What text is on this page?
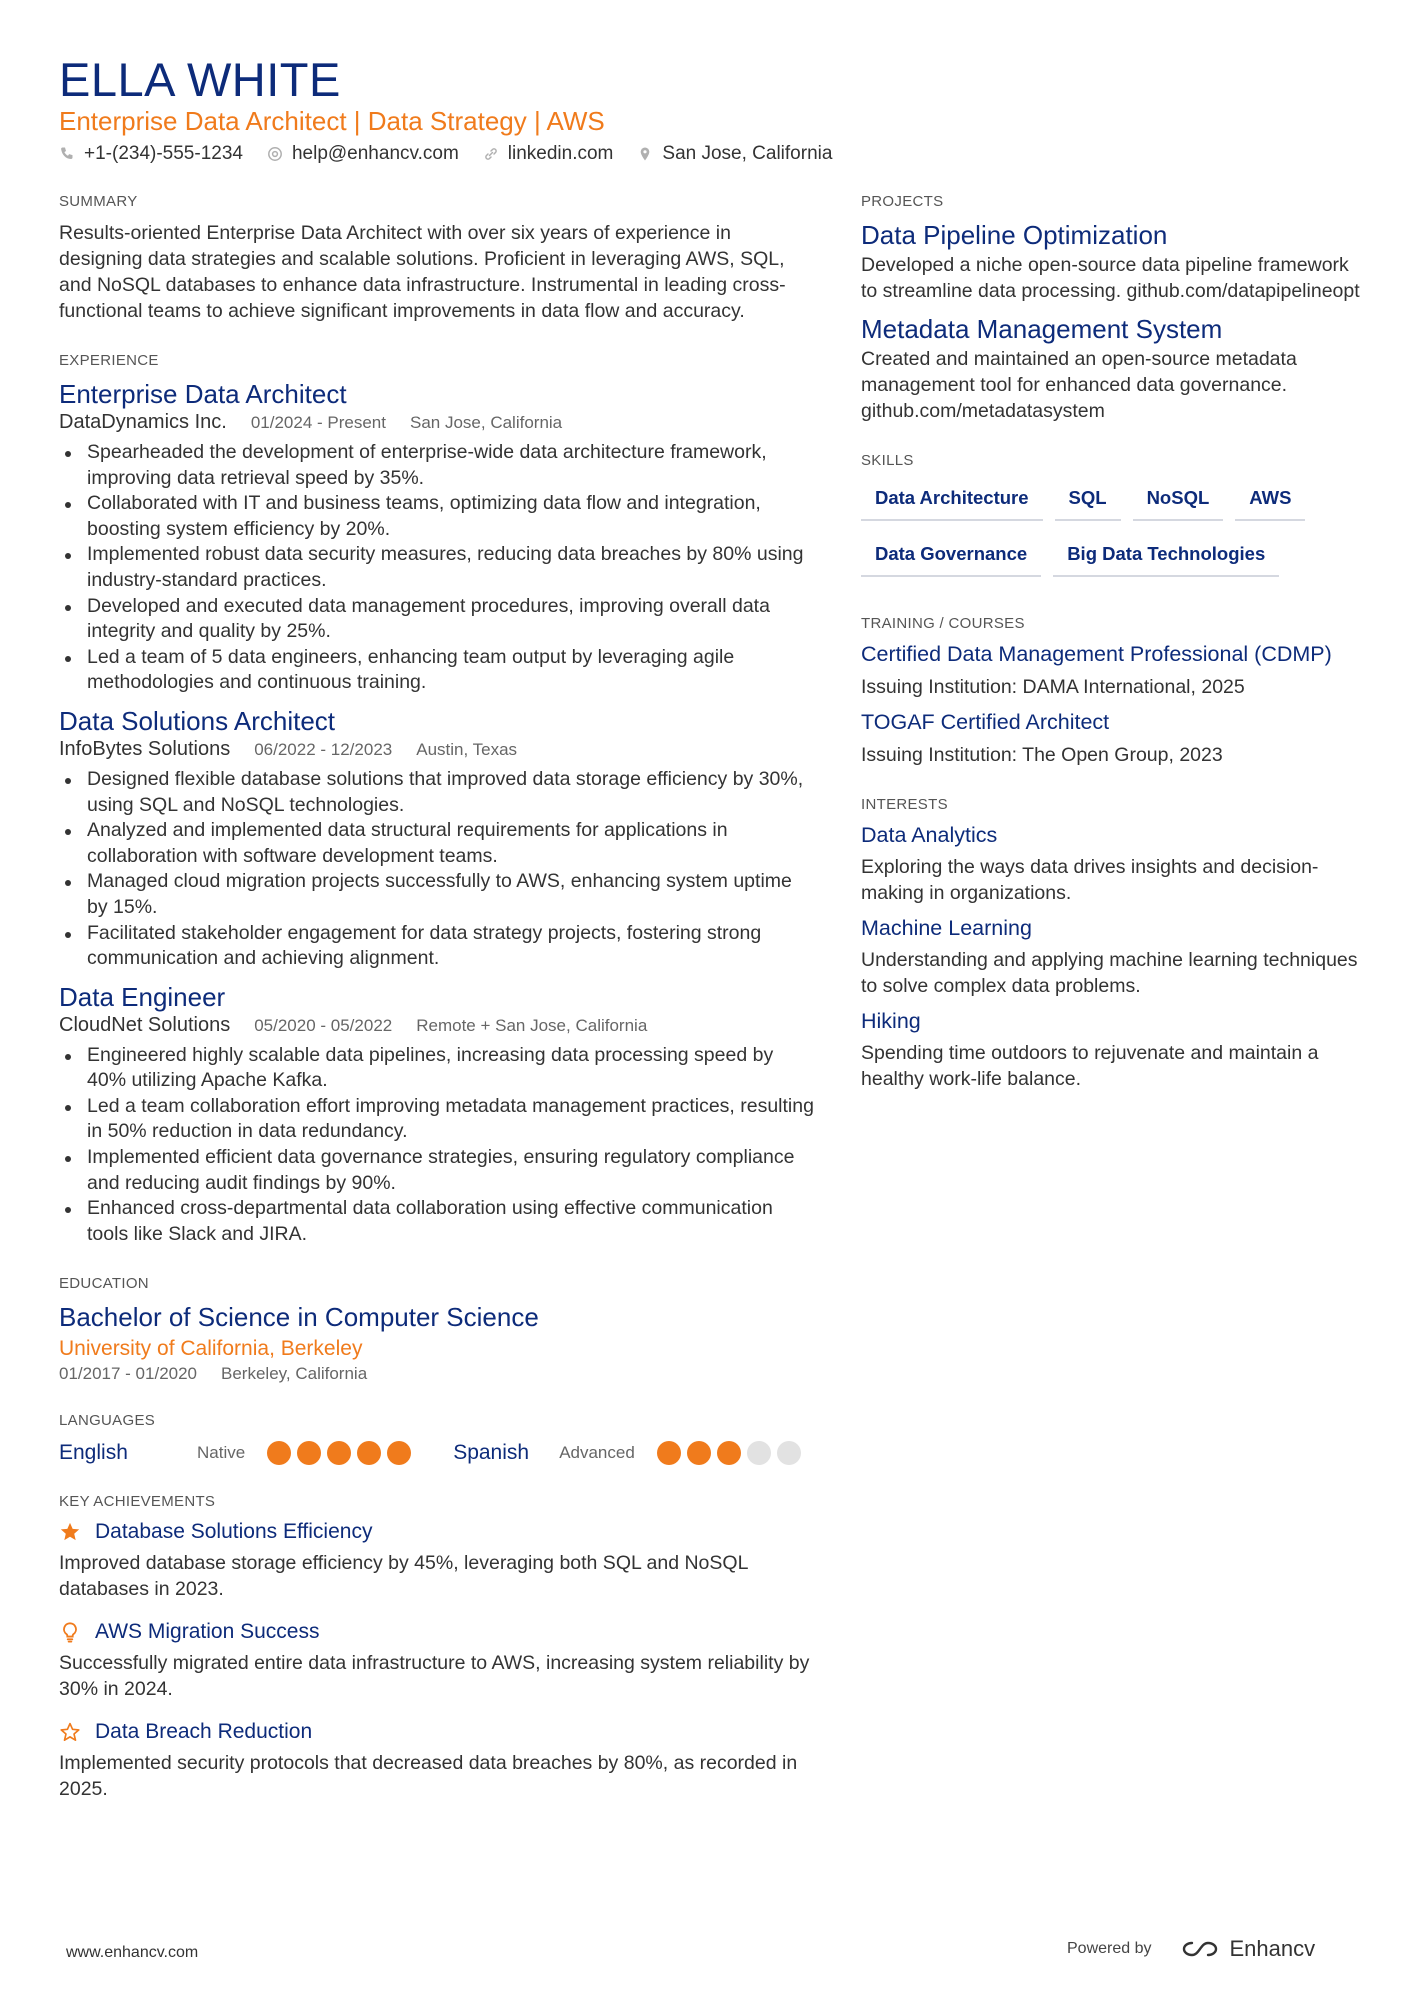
ELLA WHITE
Enterprise Data Architect | Data Strategy | AWS
+1-(234)-555-1234	help@enhancv.com	linkedin.com	San Jose, California
SUMMARY
Results-oriented Enterprise Data Architect with over six years of experience in designing data strategies and scalable solutions. Proficient in leveraging AWS, SQL, and NoSQL databases to enhance data infrastructure. Instrumental in leading cross-functional teams to achieve significant improvements in data flow and accuracy.
EXPERIENCE
Enterprise Data Architect
DataDynamics Inc. 01/2024 - Present San Jose, California
Spearheaded the development of enterprise-wide data architecture framework, improving data retrieval speed by 35%.
Collaborated with IT and business teams, optimizing data flow and integration, boosting system efficiency by 20%.
Implemented robust data security measures, reducing data breaches by 80% using industry-standard practices.
Developed and executed data management procedures, improving overall data integrity and quality by 25%.
Led a team of 5 data engineers, enhancing team output by leveraging agile methodologies and continuous training.
Data Solutions Architect
InfoBytes Solutions 06/2022 - 12/2023 Austin, Texas
Designed flexible database solutions that improved data storage efficiency by 30%, using SQL and NoSQL technologies.
Analyzed and implemented data structural requirements for applications in collaboration with software development teams.
Managed cloud migration projects successfully to AWS, enhancing system uptime by 15%.
Facilitated stakeholder engagement for data strategy projects, fostering strong communication and achieving alignment.
Data Engineer
CloudNet Solutions 05/2020 - 05/2022 Remote + San Jose, California
Engineered highly scalable data pipelines, increasing data processing speed by 40% utilizing Apache Kafka.
Led a team collaboration effort improving metadata management practices, resulting in 50% reduction in data redundancy.
Implemented efficient data governance strategies, ensuring regulatory compliance and reducing audit findings by 90%.
Enhanced cross-departmental data collaboration using effective communication tools like Slack and JIRA.
EDUCATION
Bachelor of Science in Computer Science
University of California, Berkeley
01/2017 - 01/2020 Berkeley, California
LANGUAGES
English	Native	Spanish	Advanced
KEY ACHIEVEMENTS
Database Solutions Efficiency
Improved database storage efficiency by 45%, leveraging both SQL and NoSQL databases in 2023.
AWS Migration Success
Successfully migrated entire data infrastructure to AWS, increasing system reliability by 30% in 2024.
Data Breach Reduction
Implemented security protocols that decreased data breaches by 80%, as recorded in 2025.
PROJECTS
Data Pipeline Optimization
Developed a niche open-source data pipeline framework to streamline data processing. github.com/datapipelineopt
Metadata Management System
Created and maintained an open-source metadata management tool for enhanced data governance. github.com/metadatasystem
SKILLS
Data Architecture	SQL	NoSQL	AWS
Data Governance	Big Data Technologies
TRAINING / COURSES
Certified Data Management Professional (CDMP)
Issuing Institution: DAMA International, 2025
TOGAF Certified Architect
Issuing Institution: The Open Group, 2023
INTERESTS
Data Analytics
Exploring the ways data drives insights and decision-making in organizations.
Machine Learning
Understanding and applying machine learning techniques to solve complex data problems.
Hiking
Spending time outdoors to rejuvenate and maintain a healthy work-life balance.
www.enhancv.com	Powered by	Enhancv
